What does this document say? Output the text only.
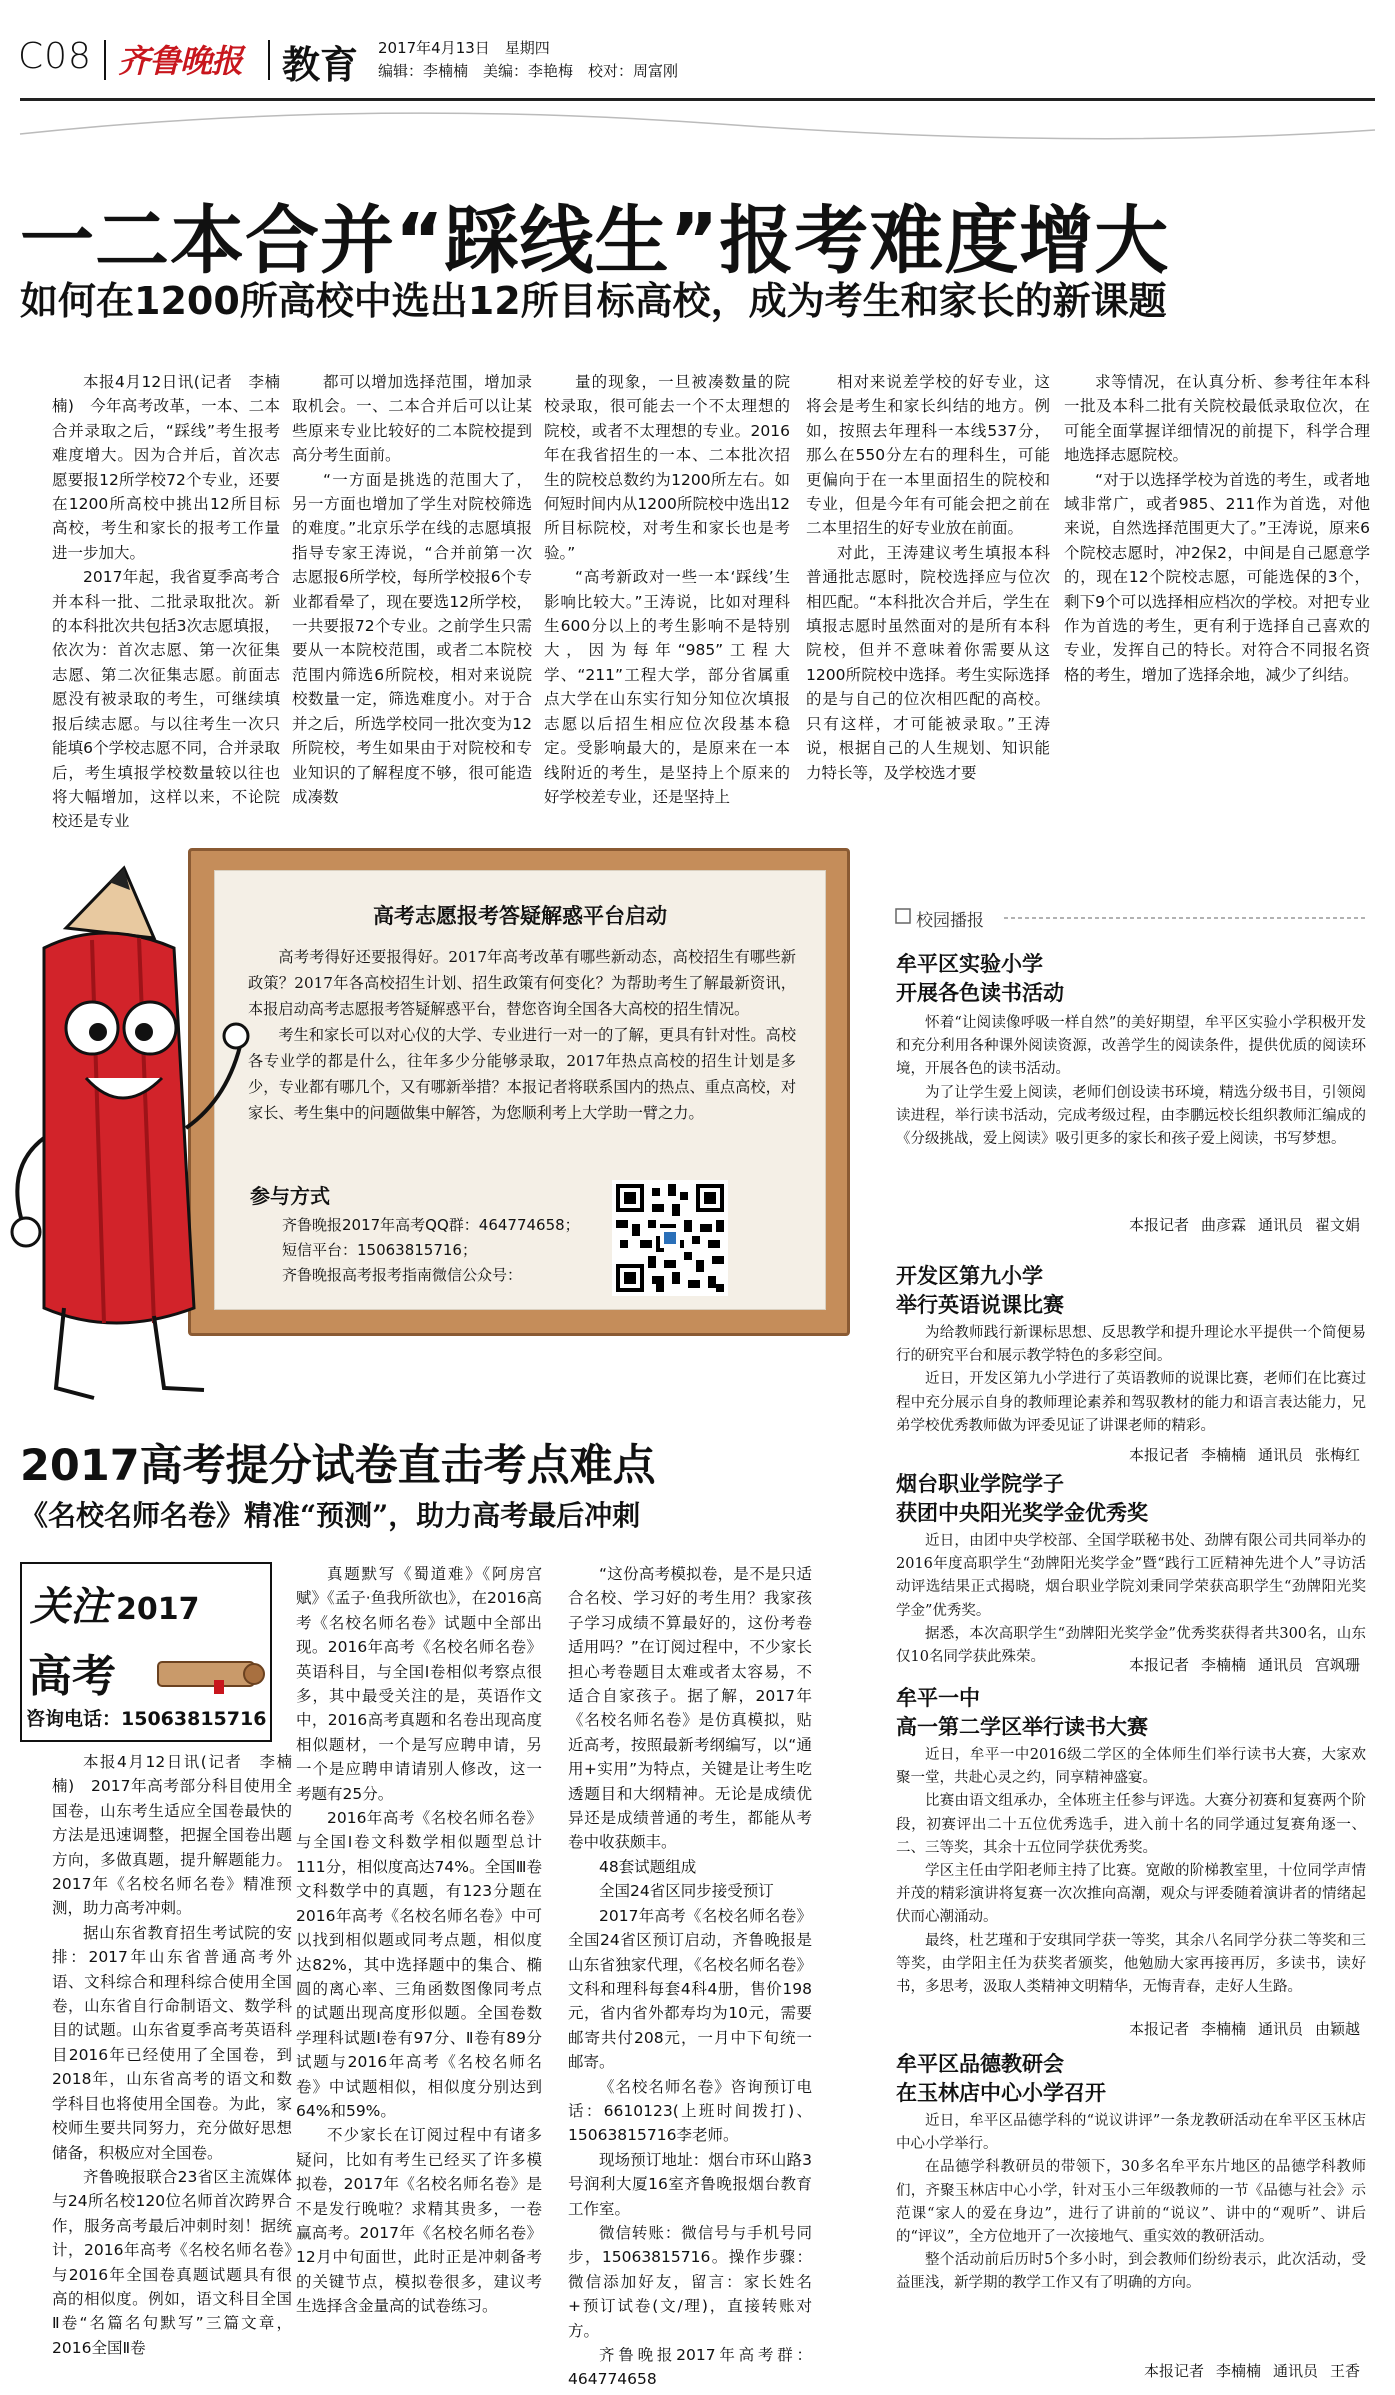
C08 齐鲁晚报 教育 2017年4月13日　星期四
编辑：李楠楠　美编：李艳梅　校对：周富刚
一二本合并“踩线生”报考难度增大
如何在1200所高校中选出12所目标高校，成为考生和家长的新课题

本报4月12日讯(记者　李楠楠)　今年高考改革，一本、二本合并录取之后，“踩线”考生报考难度增大。因为合并后，首次志愿要报12所学校72个专业，还要在1200所高校中挑出12所目标高校，考生和家长的报考工作量进一步加大。

2017年起，我省夏季高考合并本科一批、二批录取批次。新的本科批次共包括3次志愿填报，依次为：首次志愿、第一次征集志愿、第二次征集志愿。前面志愿没有被录取的考生，可继续填报后续志愿。与以往考生一次只能填6个学校志愿不同，合并录取后，考生填报学校数量较以往也将大幅增加，这样以来，不论院校还是专业

都可以增加选择范围，增加录取机会。一、二本合并后可以让某些原来专业比较好的二本院校提到高分考生面前。

“一方面是挑选的范围大了，另一方面也增加了学生对院校筛选的难度。”北京乐学在线的志愿填报指导专家王涛说，“合并前第一次志愿报6所学校，每所学校报6个专业都看晕了，现在要选12所学校，一共要报72个专业。之前学生只需要从一本院校范围，或者二本院校范围内筛选6所院校，相对来说院校数量一定，筛选难度小。对于合并之后，所选学校同一批次变为12所院校，考生如果由于对院校和专业知识的了解程度不够，很可能造成凑数

量的现象，一旦被凑数量的院校录取，很可能去一个不太理想的院校，或者不太理想的专业。2016年在我省招生的一本、二本批次招生的院校总数约为1200所左右。如何短时间内从1200所院校中选出12所目标院校，对考生和家长也是考验。”

“高考新政对一些一本‘踩线’生影响比较大。”王涛说，比如对理科生600分以上的考生影响不是特别大，因为每年“985”工程大学、“211”工程大学，部分省属重点大学在山东实行知分知位次填报志愿以后招生相应位次段基本稳定。受影响最大的，是原来在一本线附近的考生，是坚持上个原来的好学校差专业，还是坚持上

相对来说差学校的好专业，这将会是考生和家长纠结的地方。例如，按照去年理科一本线537分，那么在550分左右的理科生，可能更偏向于在一本里面招生的院校和专业，但是今年有可能会把之前在二本里招生的好专业放在前面。

对此，王涛建议考生填报本科普通批志愿时，院校选择应与位次相匹配。“本科批次合并后，学生在填报志愿时虽然面对的是所有本科院校，但并不意味着你需要从这1200所院校中选择。考生实际选择的是与自己的位次相匹配的高校。只有这样，才可能被录取。”王涛说，根据自己的人生规划、知识能力特长等，及学校选才要

求等情况，在认真分析、参考往年本科一批及本科二批有关院校最低录取位次，在可能全面掌握详细情况的前提下，科学合理地选择志愿院校。

“对于以选择学校为首选的考生，或者地域非常广，或者985、211作为首选，对他来说，自然选择范围更大了。”王涛说，原来6个院校志愿时，冲2保2，中间是自己愿意学的，现在12个院校志愿，可能选保的3个，剩下9个可以选择相应档次的学校。对把专业作为首选的考生，更有利于选择自己喜欢的专业，发挥自己的特长。对符合不同报名资格的考生，增加了选择余地，减少了纠结。

高考志愿报考答疑解惑平台启动

高考考得好还要报得好。2017年高考改革有哪些新动态，高校招生有哪些新政策？2017年各高校招生计划、招生政策有何变化？为帮助考生了解最新资讯，本报启动高考志愿报考答疑解惑平台，替您咨询全国各大高校的招生情况。

考生和家长可以对心仪的大学、专业进行一对一的了解，更具有针对性。高校各专业学的都是什么，往年多少分能够录取，2017年热点高校的招生计划是多少，专业都有哪几个，又有哪新举措？本报记者将联系国内的热点、重点高校，对家长、考生集中的问题做集中解答，为您顺利考上大学助一臂之力。

参与方式
齐鲁晚报2017年高考QQ群：464774658；
短信平台：15063815716；
齐鲁晚报高考报考指南微信公众号：
2017高考提分试卷直击考点难点
《名校名师名卷》精准“预测”，助力高考最后冲刺
关注 2017
高考
咨询电话：15063815716

本报4月12日讯(记者　李楠楠)　2017年高考部分科目使用全国卷，山东考生适应全国卷最快的方法是迅速调整，把握全国卷出题方向，多做真题，提升解题能力。2017年《名校名师名卷》精准预测，助力高考冲刺。

据山东省教育招生考试院的安排：2017年山东省普通高考外语、文科综合和理科综合使用全国卷，山东省自行命制语文、数学科目的试题。山东省夏季高考英语科目2016年已经使用了全国卷，到2018年，山东省高考的语文和数学科目也将使用全国卷。为此，家校师生要共同努力，充分做好思想储备，积极应对全国卷。

齐鲁晚报联合23省区主流媒体与24所名校120位名师首次跨界合作，服务高考最后冲刺时刻！据统计，2016年高考《名校名师名卷》与2016年全国卷真题试题具有很高的相似度。例如，语文科目全国Ⅱ卷“名篇名句默写”三篇文章，2016全国Ⅱ卷

真题默写《蜀道难》《阿房宫赋》《孟子·鱼我所欲也》，在2016高考《名校名师名卷》试题中全部出现。2016年高考《名校名师名卷》英语科目，与全国Ⅰ卷相似考察点很多，其中最受关注的是，英语作文中，2016高考真题和名卷出现高度相似题材，一个是写应聘申请，另一个是应聘申请请别人修改，这一考题有25分。

2016年高考《名校名师名卷》与全国Ⅰ卷文科数学相似题型总计111分，相似度高达74%。全国Ⅲ卷文科数学中的真题，有123分题在2016年高考《名校名师名卷》中可以找到相似题或同考点题，相似度达82%，其中选择题中的集合、椭圆的离心率、三角函数图像同考点的试题出现高度形似题。全国卷数学理科试题Ⅰ卷有97分、Ⅱ卷有89分试题与2016年高考《名校名师名卷》中试题相似，相似度分别达到64%和59%。

不少家长在订阅过程中有诸多疑问，比如有考生已经买了许多模拟卷，2017年《名校名师名卷》是不是发行晚啦？求精其贵多，一卷赢高考。2017年《名校名师名卷》12月中旬面世，此时正是冲刺备考的关键节点，模拟卷很多，建议考生选择含金量高的试卷练习。

“这份高考模拟卷，是不是只适合名校、学习好的考生用？我家孩子学习成绩不算最好的，这份考卷适用吗？”在订阅过程中，不少家长担心考卷题目太难或者太容易，不适合自家孩子。据了解，2017年《名校名师名卷》是仿真模拟，贴近高考，按照最新考纲编写，以“通用+实用”为特点，关键是让考生吃透题目和大纲精神。无论是成绩优异还是成绩普通的考生，都能从考卷中收获颇丰。

48套试题组成

全国24省区同步接受预订

2017年高考《名校名师名卷》全国24省区预订启动，齐鲁晚报是山东省独家代理，《名校名师名卷》文科和理科每套4科4册，售价198元，省内省外都寿均为10元，需要邮寄共付208元，一月中下旬统一邮寄。

《名校名师名卷》咨询预订电话：6610123(上班时间拨打)、15063815716李老师。

现场预订地址：烟台市环山路3号润利大厦16室齐鲁晚报烟台教育工作室。

微信转账：微信号与手机号同步，15063815716。操作步骤：微信添加好友，留言：家长姓名+预订试卷(文/理)，直接转账对方。

齐鲁晚报2017年高考群：464774658

校园播报
牟平区实验小学
开展各色读书活动

怀着“让阅读像呼吸一样自然”的美好期望，牟平区实验小学积极开发和充分利用各种课外阅读资源，改善学生的阅读条件，提供优质的阅读环境，开展各色的读书活动。

为了让学生爱上阅读，老师们创设读书环境，精选分级书目，引领阅读进程，举行读书活动，完成考级过程，由李鹏远校长组织教师汇编成的《分级挑战，爱上阅读》吸引更多的家长和孩子爱上阅读，书写梦想。

本报记者 曲彦霖 通讯员 翟文娟
开发区第九小学
举行英语说课比赛

为给教师践行新课标思想、反思教学和提升理论水平提供一个简便易行的研究平台和展示教学特色的多彩空间。

近日，开发区第九小学进行了英语教师的说课比赛，老师们在比赛过程中充分展示自身的教师理论素养和驾驭教材的能力和语言表达能力，兄弟学校优秀教师做为评委见证了讲课老师的精彩。

本报记者 李楠楠 通讯员 张梅红
烟台职业学院学子
获团中央阳光奖学金优秀奖

近日，由团中央学校部、全国学联秘书处、劲牌有限公司共同举办的2016年度高职学生“劲牌阳光奖学金”暨“践行工匠精神先进个人”寻访活动评选结果正式揭晓，烟台职业学院刘秉同学荣获高职学生“劲牌阳光奖学金”优秀奖。

据悉，本次高职学生“劲牌阳光奖学金”优秀奖获得者共300名，山东仅10名同学获此殊荣。	本报记者 李楠楠 通讯员 宫飒珊
牟平一中
高一第二学区举行读书大赛

近日，牟平一中2016级二学区的全体师生们举行读书大赛，大家欢聚一堂，共赴心灵之约，同享精神盛宴。

比赛由语文组承办，全体班主任参与评选。大赛分初赛和复赛两个阶段，初赛评出二十五位优秀选手，进入前十名的同学通过复赛角逐一、二、三等奖，其余十五位同学获优秀奖。

学区主任由学阳老师主持了比赛。宽敞的阶梯教室里，十位同学声情并茂的精彩演讲将复赛一次次推向高潮，观众与评委随着演讲者的情绪起伏而心潮涌动。

最终，杜艺瑾和于安琪同学获一等奖，其余八名同学分获二等奖和三等奖，由学阳主任为获奖者颁奖，他勉励大家再接再厉，多读书，读好书，多思考，汲取人类精神文明精华，无悔青春，走好人生路。

本报记者 李楠楠 通讯员 由颖越
牟平区品德教研会
在玉林店中心小学召开

近日，牟平区品德学科的“说议讲评”一条龙教研活动在牟平区玉林店中心小学举行。

在品德学科教研员的带领下，30多名牟平东片地区的品德学科教师们，齐聚玉林店中心小学，针对玉小三年级教师的一节《品德与社会》示范课“家人的爱在身边”，进行了讲前的“说议”、讲中的“观听”、讲后的“评议”，全方位地开了一次接地气、重实效的教研活动。

整个活动前后历时5个多小时，到会教师们纷纷表示，此次活动，受益匪浅，新学期的教学工作又有了明确的方向。

本报记者 李楠楠 通讯员 王香
